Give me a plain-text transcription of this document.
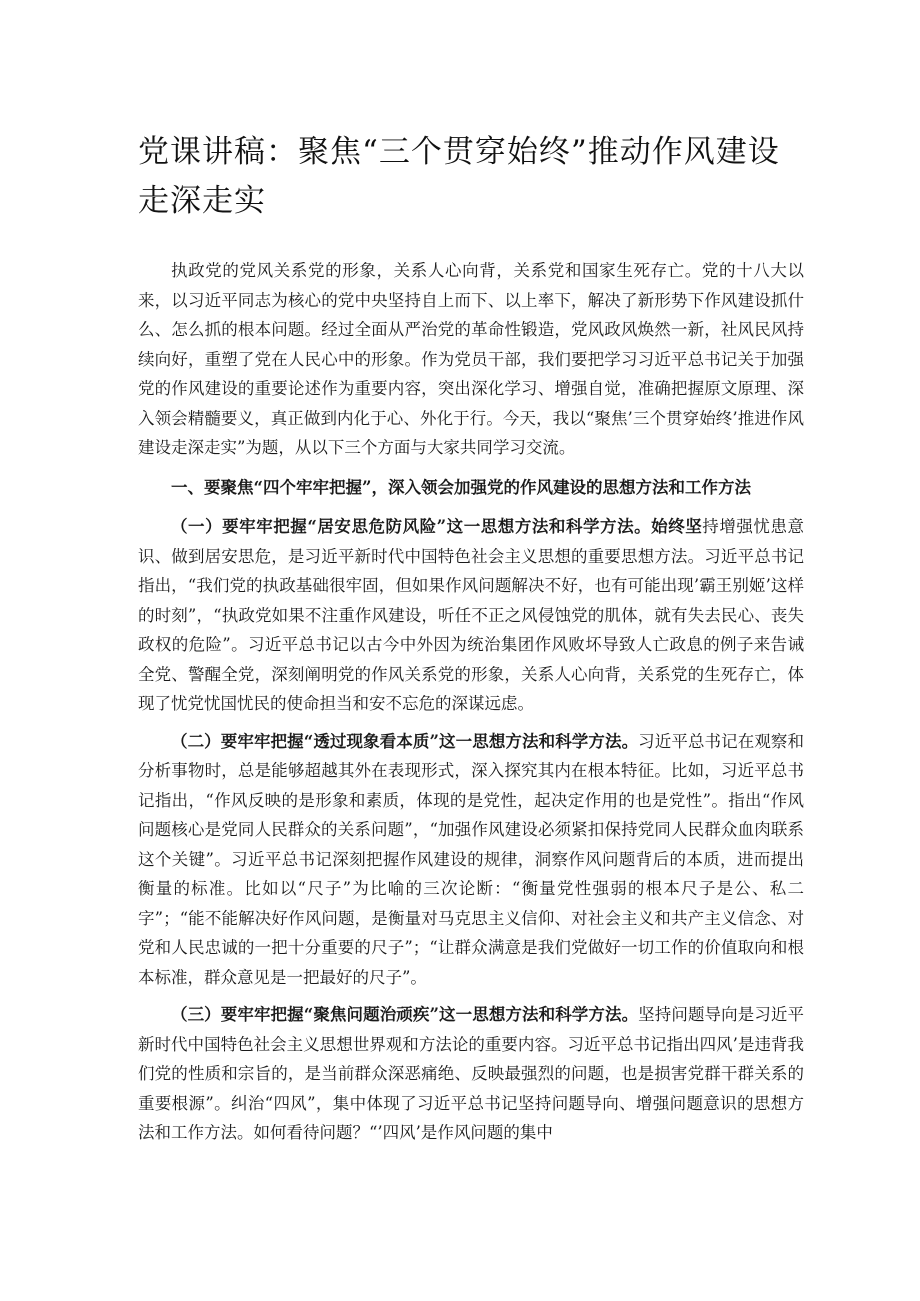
党课讲稿：聚焦“三个贯穿始终”推动作风建设走深走实

执政党的党风关系党的形象，关系人心向背，关系党和国家生死存亡。党的十八大以来，以习近平同志为核心的党中央坚持自上而下、以上率下，解决了新形势下作风建设抓什么、怎么抓的根本问题。经过全面从严治党的革命性锻造，党风政风焕然一新，社风民风持续向好，重塑了党在人民心中的形象。作为党员干部，我们要把学习习近平总书记关于加强党的作风建设的重要论述作为重要内容，突出深化学习、增强自觉，准确把握原文原理、深入领会精髓要义，真正做到内化于心、外化于行。今天，我以“聚焦’三个贯穿始终’推进作风建设走深走实”为题，从以下三个方面与大家共同学习交流。

一、要聚焦“四个牢牢把握”，深入领会加强党的作风建设的思想方法和工作方法

（一）要牢牢把握“居安思危防风险”这一思想方法和科学方法。始终坚持增强忧患意识、做到居安思危，是习近平新时代中国特色社会主义思想的重要思想方法。习近平总书记指出，“我们党的执政基础很牢固，但如果作风问题解决不好，也有可能出现’霸王别姬’这样的时刻”，“执政党如果不注重作风建设，听任不正之风侵蚀党的肌体，就有失去民心、丧失政权的危险”。习近平总书记以古今中外因为统治集团作风败坏导致人亡政息的例子来告诫全党、警醒全党，深刻阐明党的作风关系党的形象，关系人心向背，关系党的生死存亡，体现了忧党忧国忧民的使命担当和安不忘危的深谋远虑。

（二）要牢牢把握“透过现象看本质”这一思想方法和科学方法。习近平总书记在观察和分析事物时，总是能够超越其外在表现形式，深入探究其内在根本特征。比如，习近平总书记指出，“作风反映的是形象和素质，体现的是党性，起决定作用的也是党性”。指出“作风问题核心是党同人民群众的关系问题”，“加强作风建设必须紧扣保持党同人民群众血肉联系这个关键”。习近平总书记深刻把握作风建设的规律，洞察作风问题背后的本质，进而提出衡量的标准。比如以“尺子”为比喻的三次论断：“衡量党性强弱的根本尺子是公、私二字”；“能不能解决好作风问题，是衡量对马克思主义信仰、对社会主义和共产主义信念、对党和人民忠诚的一把十分重要的尺子”；“让群众满意是我们党做好一切工作的价值取向和根本标准，群众意见是一把最好的尺子”。

（三）要牢牢把握“聚焦问题治顽疾”这一思想方法和科学方法。坚持问题导向是习近平新时代中国特色社会主义思想世界观和方法论的重要内容。习近平总书记指出四风’是违背我们党的性质和宗旨的，是当前群众深恶痛绝、反映最强烈的问题，也是损害党群干群关系的重要根源”。纠治“四风”，集中体现了习近平总书记坚持问题导向、增强问题意识的思想方法和工作方法。如何看待问题？“’四风’是作风问题的集中
